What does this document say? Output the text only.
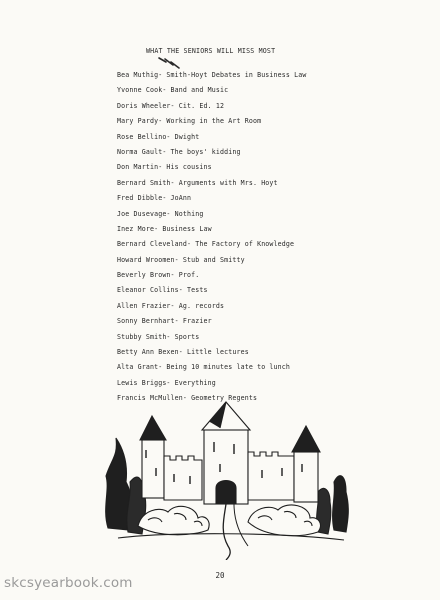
WHAT THE SENIORS WILL MISS MOST
Bea Muthig- Smith-Hoyt Debates in Business Law
Yvonne Cook- Band and Music
Doris Wheeler- Cit. Ed. 12
Mary Pardy- Working in the Art Room
Rose Bellino- Dwight
Norma Gault- The boys' kidding
Don Martin- His cousins
Bernard Smith- Arguments with Mrs. Hoyt
Fred Dibble- JoAnn
Joe Dusevage- Nothing
Inez More- Business Law
Bernard Cleveland- The Factory of Knowledge
Howard Wroomen- Stub and Smitty
Beverly Brown- Prof.
Eleanor Collins- Tests
Allen Frazier- Ag. records
Sonny Bernhart- Frazier
Stubby Smith- Sports
Betty Ann Bexen- Little lectures
Alta Grant- Being 10 minutes late to lunch
Lewis Briggs- Everything
Francis McMullen- Geometry Regents
20
skcsyearbook.com
